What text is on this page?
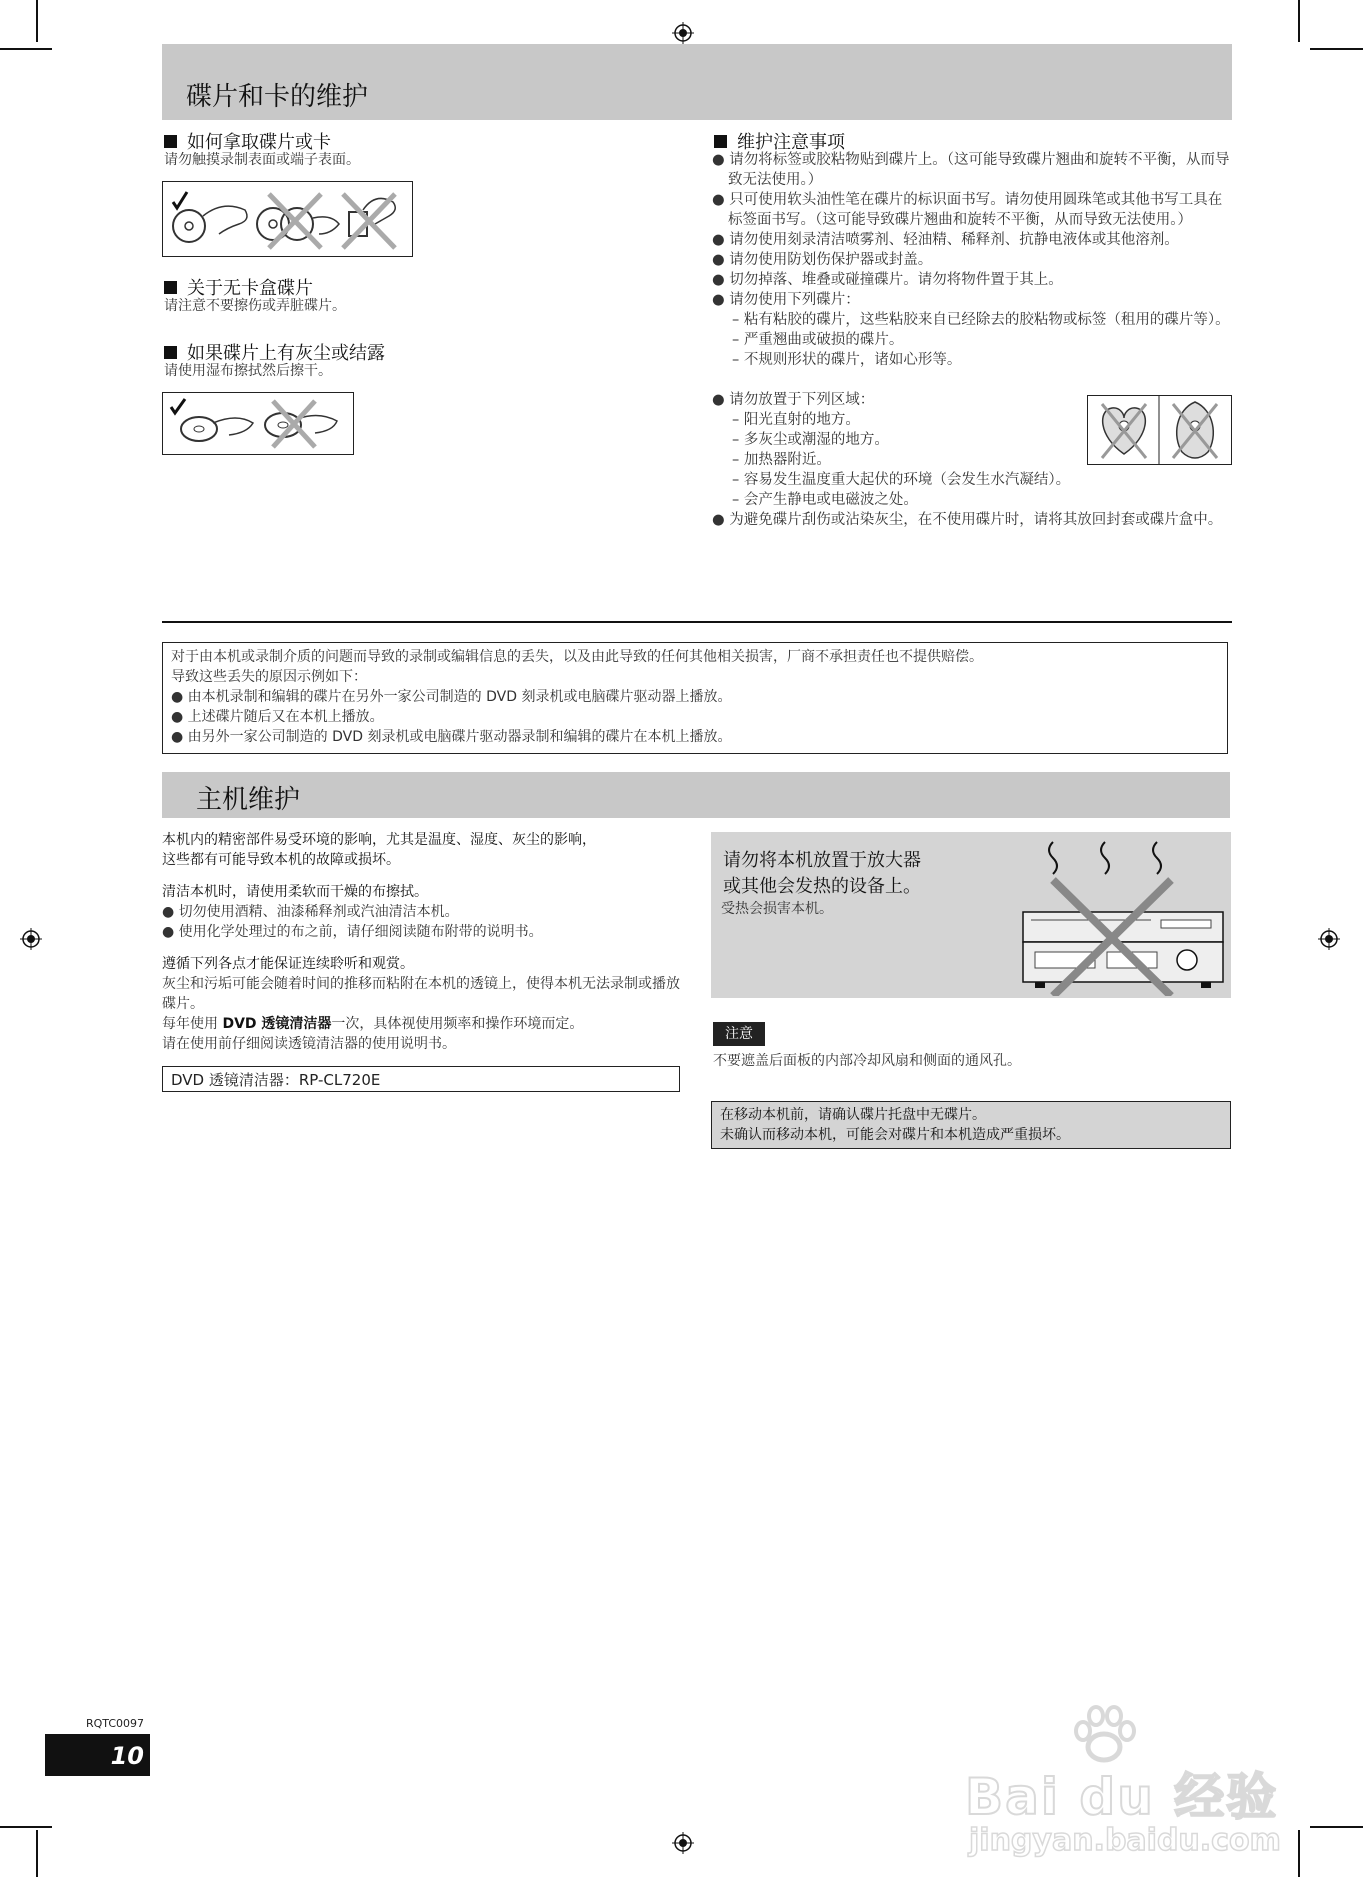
碟片和卡的维护
如何拿取碟片或卡
请勿触摸录制表面或端子表面。
关于无卡盒碟片
请注意不要擦伤或弄脏碟片。
如果碟片上有灰尘或结露
请使用湿布擦拭然后擦干。
维护注意事项

● 请勿将标签或胶粘物贴到碟片上。（这可能导致碟片翘曲和旋转不平衡，从而导致无法使用。）

● 只可使用软头油性笔在碟片的标识面书写。请勿使用圆珠笔或其他书写工具在标签面书写。（这可能导致碟片翘曲和旋转不平衡，从而导致无法使用。）

● 请勿使用刻录清洁喷雾剂、轻油精、稀释剂、抗静电液体或其他溶剂。

● 请勿使用防划伤保护器或封盖。

● 切勿掉落、堆叠或碰撞碟片。请勿将物件置于其上。

● 请勿使用下列碟片：

– 粘有粘胶的碟片，这些粘胶来自已经除去的胶粘物或标签（租用的碟片等）。

– 严重翘曲或破损的碟片。

– 不规则形状的碟片，诸如心形等。

● 请勿放置于下列区域：

– 阳光直射的地方。

– 多灰尘或潮湿的地方。

– 加热器附近。

– 容易发生温度重大起伏的环境（会发生水汽凝结）。

– 会产生静电或电磁波之处。

● 为避免碟片刮伤或沾染灰尘，在不使用碟片时，请将其放回封套或碟片盒中。

对于由本机或录制介质的问题而导致的录制或编辑信息的丢失，以及由此导致的任何其他相关损害，厂商不承担责任也不提供赔偿。

导致这些丢失的原因示例如下：

● 由本机录制和编辑的碟片在另外一家公司制造的 DVD 刻录机或电脑碟片驱动器上播放。

● 上述碟片随后又在本机上播放。

● 由另外一家公司制造的 DVD 刻录机或电脑碟片驱动器录制和编辑的碟片在本机上播放。

主机维护

本机内的精密部件易受环境的影响，尤其是温度、湿度、灰尘的影响，

这些都有可能导致本机的故障或损坏。

清洁本机时，请使用柔软而干燥的布擦拭。

● 切勿使用酒精、油漆稀释剂或汽油清洁本机。

● 使用化学处理过的布之前，请仔细阅读随布附带的说明书。

遵循下列各点才能保证连续聆听和观赏。

灰尘和污垢可能会随着时间的推移而粘附在本机的透镜上，使得本机无法录制或播放碟片。

每年使用 DVD 透镜清洁器一次，具体视使用频率和操作环境而定。

请在使用前仔细阅读透镜清洁器的使用说明书。

DVD 透镜清洁器：RP-CL720E
请勿将本机放置于放大器
或其他会发热的设备上。
受热会损害本机。
注意
不要遮盖后面板的内部冷却风扇和侧面的通风孔。
在移动本机前，请确认碟片托盘中无碟片。
未确认而移动本机，可能会对碟片和本机造成严重损坏。
RQTC0097
10
Bai du 经验
jingyan.baidu.com
